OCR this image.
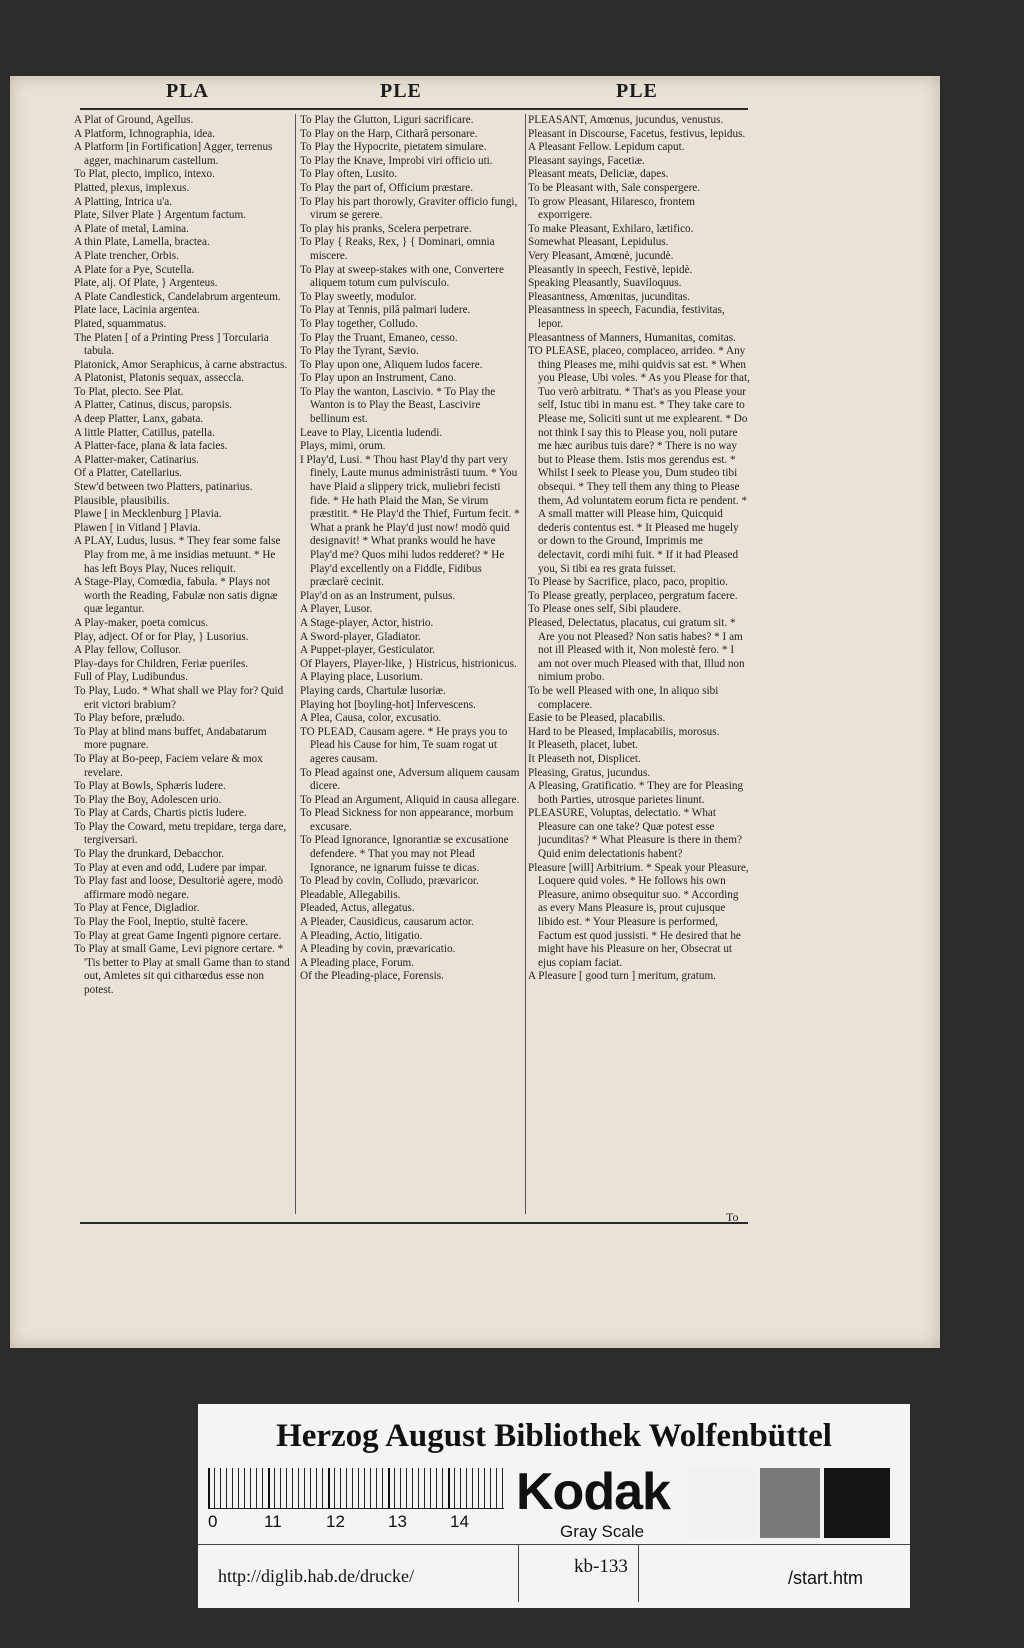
PLA	PLE	PLE

A Plat of Ground, Agellus.

A Platform, Ichnographia, idea.

A Platform [in Fortification] Agger, terrenus agger, machinarum castellum.

To Plat, plecto, implico, intexo.

Platted, plexus, implexus.

A Platting, Intrica u'a.

Plate, Silver Plate } Argentum factum.

A Plate of metal, Lamina.

A thin Plate, Lamella, bractea.

A Plate trencher, Orbis.

A Plate for a Pye, Scutella.

Plate, alj. Of Plate, } Argenteus.

A Plate Candlestick, Candelabrum argenteum.

Plate lace, Lacinia argentea.

Plated, squammatus.

The Platen [ of a Printing Press ] Torcularia tabula.

Platonick, Amor Seraphicus, à carne abstractus.

A Platonist, Platonis sequax, asseccla.

To Plat, plecto. See Plat.

A Platter, Catinus, discus, paropsis.

A deep Platter, Lanx, gabata.

A little Platter, Catillus, patella.

A Platter-face, plana & lata facies.

A Platter-maker, Catinarius.

Of a Platter, Catellarius.

Stew'd between two Platters, patinarius.

Plausible, plausibilis.

Plawe [ in Mecklenburg ] Plavia.

Plawen [ in Vitland ] Plavia.

A PLAY, Ludus, lusus. * They fear some false Play from me, à me insidias metuunt. * He has left Boys Play, Nuces reliquit.

A Stage-Play, Comœdia, fabula. * Plays not worth the Reading, Fabulæ non satis dignæ quæ legantur.

A Play-maker, poeta comicus.

Play, adject. Of or for Play, } Lusorius.

A Play fellow, Collusor.

Play-days for Children, Feriæ pueriles.

Full of Play, Ludibundus.

To Play, Ludo. * What shall we Play for? Quid erit victori brabium?

To Play before, præludo.

To Play at blind mans buffet, Andabatarum more pugnare.

To Play at Bo-peep, Faciem velare & mox revelare.

To Play at Bowls, Sphæris ludere.

To Play the Boy, Adolescen urio.

To Play at Cards, Chartis pictis ludere.

To Play the Coward, metu trepidare, terga dare, tergiversari.

To Play the drunkard, Debacchor.

To Play at even and odd, Ludere par impar.

To Play fast and loose, Desultoriè agere, modò affirmare modò negare.

To Play at Fence, Digladior.

To Play the Fool, Ineptio, stultè facere.

To Play at great Game Ingenti pignore certare.

To Play at small Game, Levi pignore certare. * 'Tis better to Play at small Game than to stand out, Amletes sit qui citharœdus esse non potest.

To Play the Glutton, Liguri sacrificare.

To Play on the Harp, Citharâ personare.

To Play the Hypocrite, pietatem simulare.

To Play the Knave, Improbi viri officio uti.

To Play often, Lusito.

To Play the part of, Officium præstare.

To Play his part thorowly, Graviter officio fungi, virum se gerere.

To play his pranks, Scelera perpetrare.

To Play { Reaks, Rex, } { Dominari, omnia miscere.

To Play at sweep-stakes with one, Convertere aliquem totum cum pulvisculo.

To Play sweetly, modulor.

To Play at Tennis, pilâ palmari ludere.

To Play together, Colludo.

To Play the Truant, Emaneo, cesso.

To Play the Tyrant, Sævio.

To Play upon one, Aliquem ludos facere.

To Play upon an Instrument, Cano.

To Play the wanton, Lascivio. * To Play the Wanton is to Play the Beast, Lascivire bellinum est.

Leave to Play, Licentia ludendi.

Plays, mimi, orum.

I Play'd, Lusi. * Thou hast Play'd thy part very finely, Laute munus administrâsti tuum. * You have Plaid a slippery trick, muliebri fecisti fide. * He hath Plaid the Man, Se virum præstitit. * He Play'd the Thief, Furtum fecit. * What a prank he Play'd just now! modò quid designavit! * What pranks would he have Play'd me? Quos mihi ludos redderet? * He Play'd excellently on a Fiddle, Fidibus præclarè cecinit.

Play'd on as an Instrument, pulsus.

A Player, Lusor.

A Stage-player, Actor, histrio.

A Sword-player, Gladiator.

A Puppet-player, Gesticulator.

Of Players, Player-like, } Histricus, histrionicus.

A Playing place, Lusorium.

Playing cards, Chartulæ lusoriæ.

Playing hot [boyling-hot] Infervescens.

A Plea, Causa, color, excusatio.

TO PLEAD, Causam agere. * He prays you to Plead his Cause for him, Te suam rogat ut ageres causam.

To Plead against one, Adversum aliquem causam dicere.

To Plead an Argument, Aliquid in causa allegare.

To Plead Sickness for non appearance, morbum excusare.

To Plead Ignorance, Ignorantiæ se excusatione defendere. * That you may not Plead Ignorance, ne ignarum fuisse te dicas.

To Plead by covin, Colludo, prævaricor.

Pleadable, Allegabilis.

Pleaded, Actus, allegatus.

A Pleader, Causidicus, causarum actor.

A Pleading, Actio, litigatio.

A Pleading by covin, prævaricatio.

A Pleading place, Forum.

Of the Pleading-place, Forensis.

PLEASANT, Amœnus, jucundus, venustus.

Pleasant in Discourse, Facetus, festivus, lepidus.

A Pleasant Fellow. Lepidum caput.

Pleasant sayings, Facetiæ.

Pleasant meats, Deliciæ, dapes.

To be Pleasant with, Sale conspergere.

To grow Pleasant, Hilaresco, frontem exporrigere.

To make Pleasant, Exhilaro, lætifico.

Somewhat Pleasant, Lepidulus.

Very Pleasant, Amœnè, jucundè.

Pleasantly in speech, Festivè, lepidè.

Speaking Pleasantly, Suaviloquus.

Pleasantness, Amœnitas, jucunditas.

Pleasantness in speech, Facundia, festivitas, lepor.

Pleasantness of Manners, Humanitas, comitas.

TO PLEASE, placeo, complaceo, arrideo. * Any thing Pleases me, mihi quidvis sat est. * When you Please, Ubi voles. * As you Please for that, Tuo verò arbitratu. * That's as you Please your self, Istuc tibi in manu est. * They take care to Please me, Soliciti sunt ut me explearent. * Do not think I say this to Please you, noli putare me hæc auribus tuis dare? * There is no way but to Please them. Istis mos gerendus est. * Whilst I seek to Please you, Dum studeo tibi obsequi. * They tell them any thing to Please them, Ad voluntatem eorum ficta re pendent. * A small matter will Please him, Quicquid dederis contentus est. * It Pleased me hugely or down to the Ground, Imprimis me delectavit, cordi mihi fuit. * If it had Pleased you, Si tibi ea res grata fuisset.

To Please by Sacrifice, placo, paco, propitio.

To Please greatly, perplaceo, pergratum facere.

To Please ones self, Sibi plaudere.

Pleased, Delectatus, placatus, cui gratum sit. * Are you not Pleased? Non satis habes? * I am not ill Pleased with it, Non molestè fero. * I am not over much Pleased with that, Illud non nimium probo.

To be well Pleased with one, In aliquo sibi complacere.

Easie to be Pleased, placabilis.

Hard to be Pleased, Implacabilis, morosus.

It Pleaseth, placet, lubet.

It Pleaseth not, Displicet.

Pleasing, Gratus, jucundus.

A Pleasing, Gratificatio. * They are for Pleasing both Parties, utrosque parietes linunt.

PLEASURE, Voluptas, delectatio. * What Pleasure can one take? Quæ potest esse jucunditas? * What Pleasure is there in them? Quid enim delectationis habent?

Pleasure [will] Arbitrium. * Speak your Pleasure, Loquere quid voles. * He follows his own Pleasure, animo obsequitur suo. * According as every Mans Pleasure is, prout cujusque libido est. * Your Pleasure is performed, Factum est quod jussisti. * He desired that he might have his Pleasure on her, Obsecrat ut ejus copiam faciat.

A Pleasure [ good turn ] meritum, gratum.

To
Herzog August Bibliothek Wolfenbüttel
0	11	12	13	14
Kodak
Gray Scale
http://diglib.hab.de/drucke/	kb-133
/start.htm
